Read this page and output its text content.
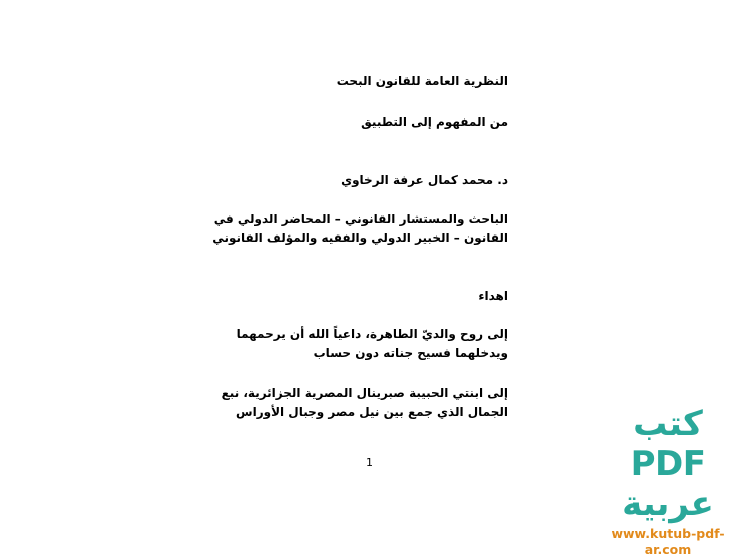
النظرية العامة للقانون البحت
من المفهوم إلى التطبيق
د. محمد كمال عرفة الرخاوي
الباحث والمستشار القانوني – المحاضر الدولي في
القانون – الخبير الدولي والفقيه والمؤلف القانوني
اهداء
إلى روح والديّ الطاهرة، داعياً الله أن يرحمهما
ويدخلهما فسيح جناته دون حساب
إلى ابنتي الحبيبة صبرينال المصرية الجزائرية، نبع
الجمال الذي جمع بين نيل مصر وجبال الأوراس
1
كتب PDF عربية
www.kutub-pdf-ar.com
